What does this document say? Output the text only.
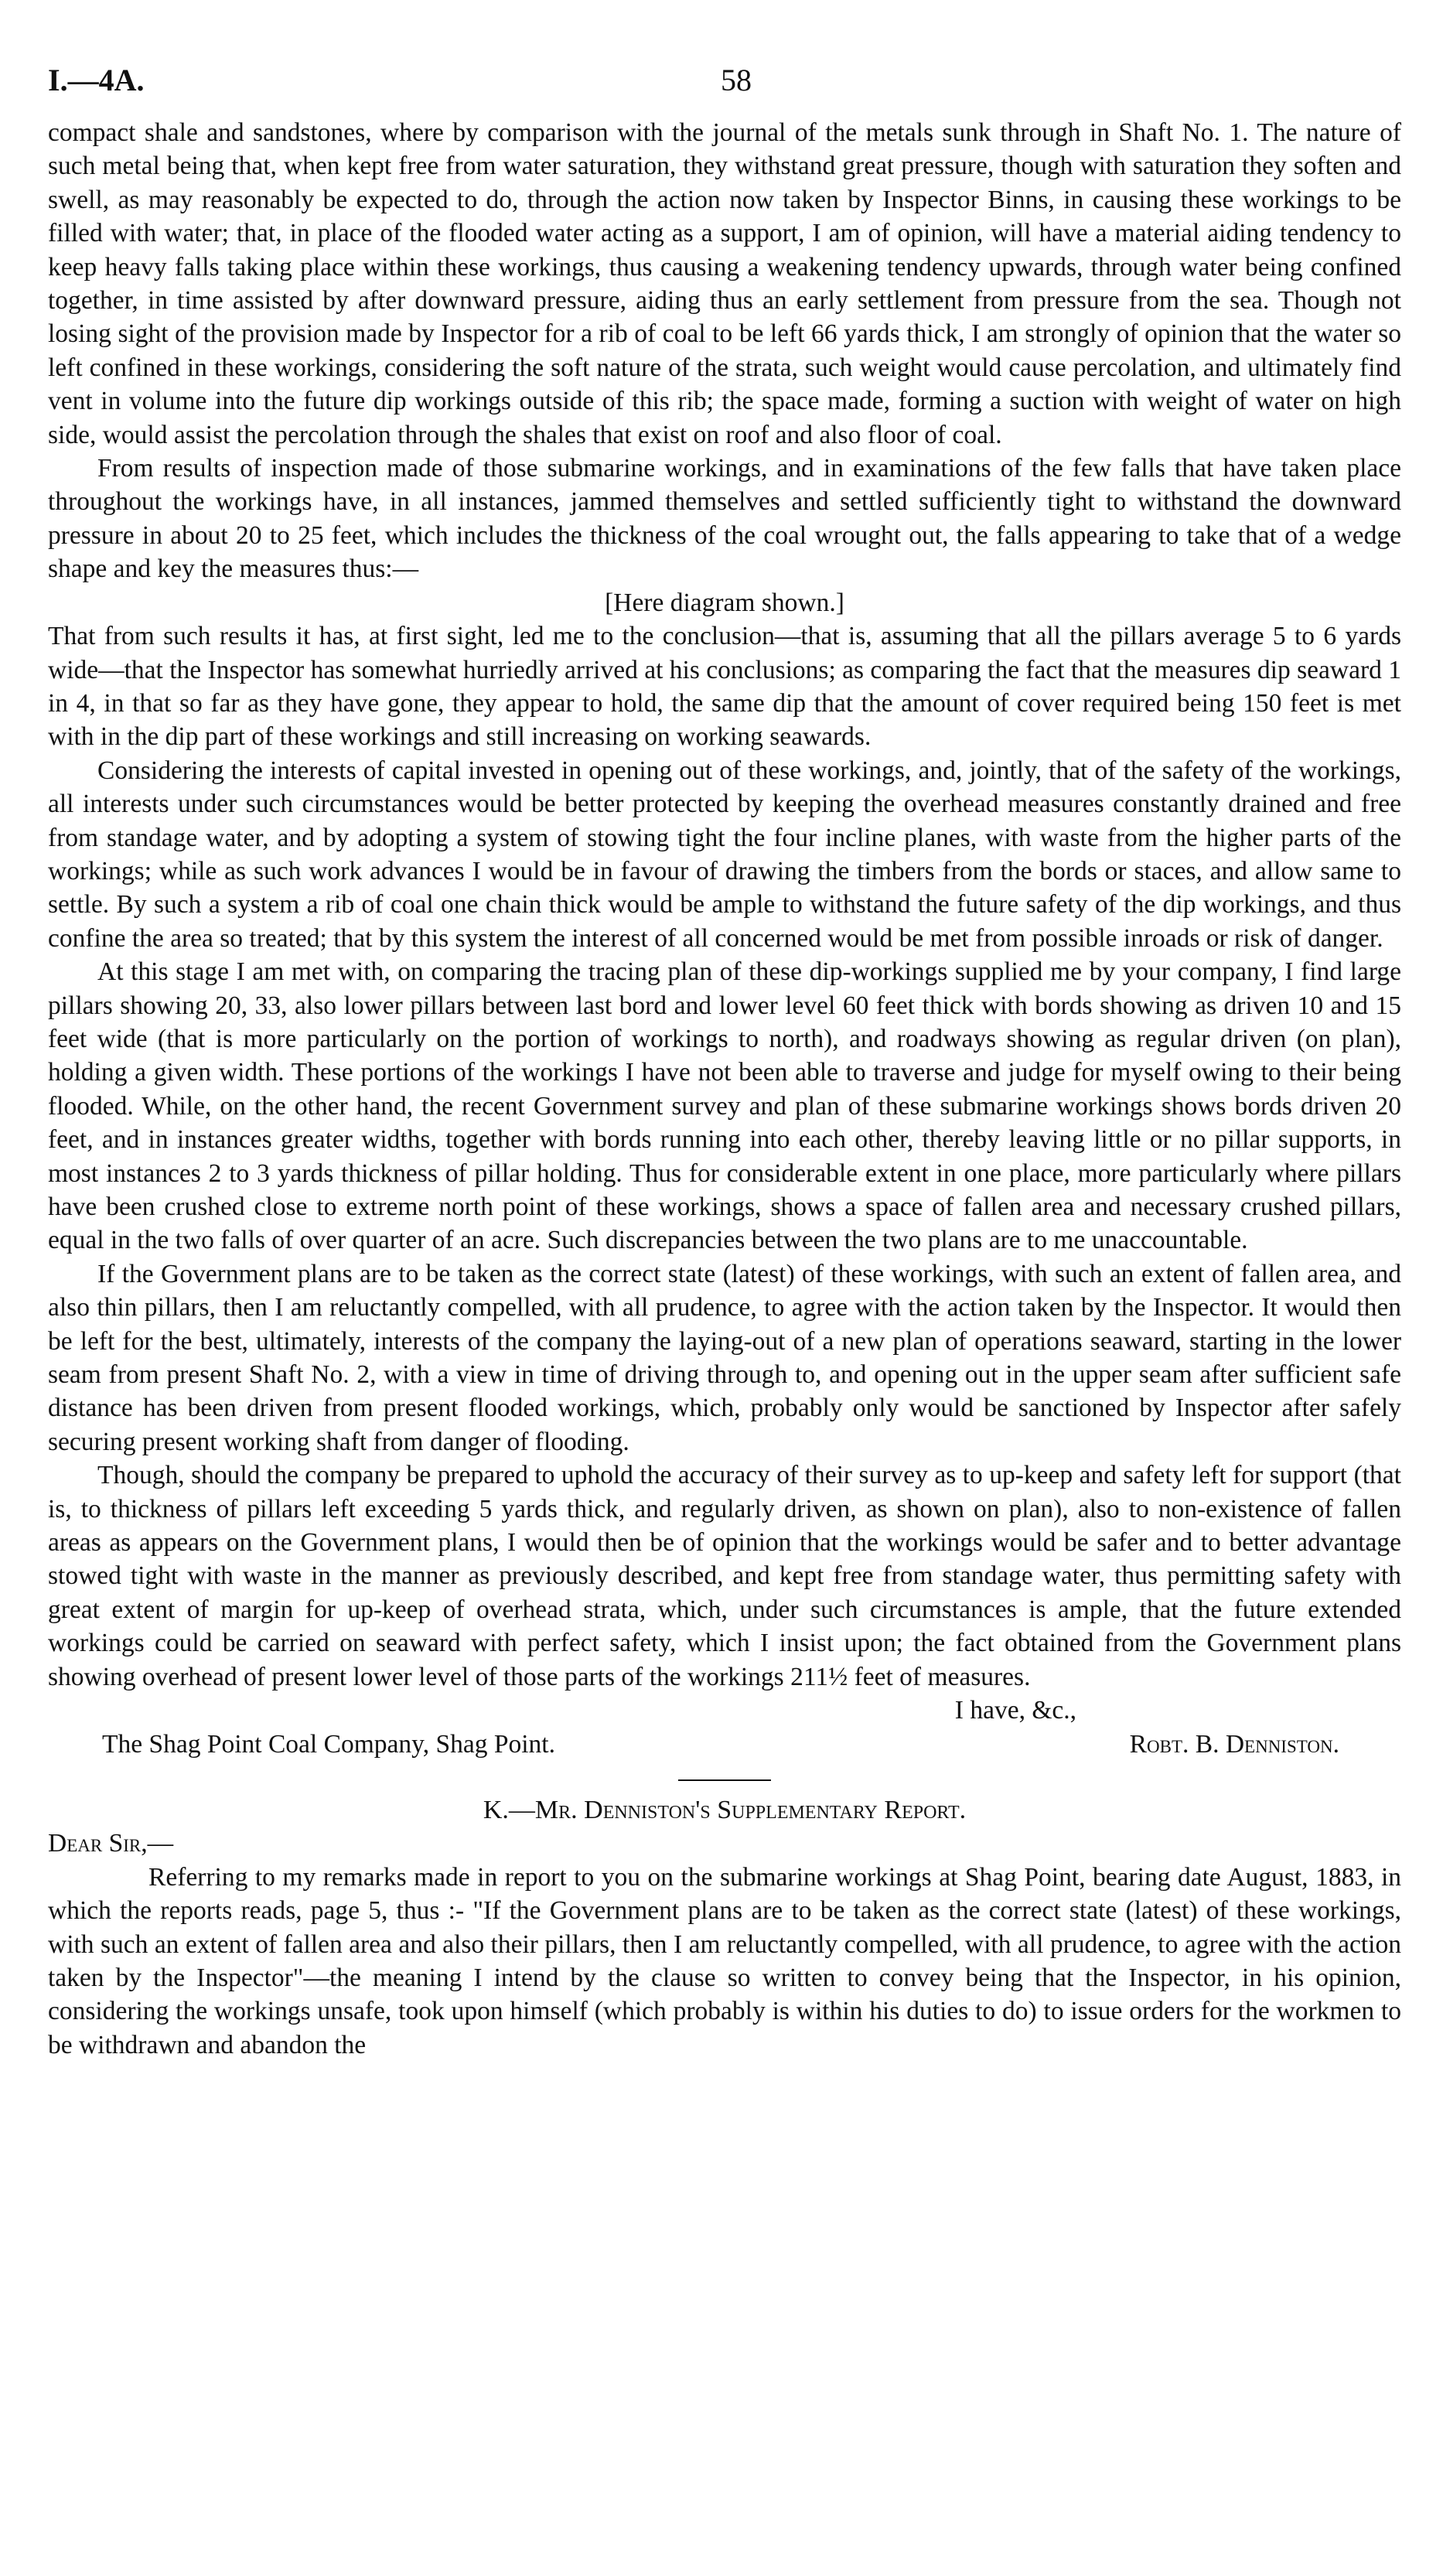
I.—4A.	58

compact shale and sandstones, where by comparison with the journal of the metals sunk through in Shaft No. 1. The nature of such metal being that, when kept free from water saturation, they withstand great pressure, though with saturation they soften and swell, as may reasonably be expected to do, through the action now taken by Inspector Binns, in causing these workings to be filled with water; that, in place of the flooded water acting as a support, I am of opinion, will have a material aiding tendency to keep heavy falls taking place within these workings, thus causing a weakening tendency upwards, through water being confined together, in time assisted by after downward pressure, aiding thus an early settlement from pressure from the sea. Though not losing sight of the provision made by Inspector for a rib of coal to be left 66 yards thick, I am strongly of opinion that the water so left confined in these workings, considering the soft nature of the strata, such weight would cause percolation, and ultimately find vent in volume into the future dip workings outside of this rib; the space made, forming a suction with weight of water on high side, would assist the percolation through the shales that exist on roof and also floor of coal.

From results of inspection made of those submarine workings, and in examinations of the few falls that have taken place throughout the workings have, in all instances, jammed themselves and settled sufficiently tight to withstand the downward pressure in about 20 to 25 feet, which includes the thickness of the coal wrought out, the falls appearing to take that of a wedge shape and key the measures thus:—

[Here diagram shown.]

That from such results it has, at first sight, led me to the conclusion—that is, assuming that all the pillars average 5 to 6 yards wide—that the Inspector has somewhat hurriedly arrived at his conclusions; as comparing the fact that the measures dip seaward 1 in 4, in that so far as they have gone, they appear to hold, the same dip that the amount of cover required being 150 feet is met with in the dip part of these workings and still increasing on working seawards.

Considering the interests of capital invested in opening out of these workings, and, jointly, that of the safety of the workings, all interests under such circumstances would be better protected by keeping the overhead measures constantly drained and free from standage water, and by adopting a system of stowing tight the four incline planes, with waste from the higher parts of the workings; while as such work advances I would be in favour of drawing the timbers from the bords or staces, and allow same to settle. By such a system a rib of coal one chain thick would be ample to withstand the future safety of the dip workings, and thus confine the area so treated; that by this system the interest of all concerned would be met from possible inroads or risk of danger.

At this stage I am met with, on comparing the tracing plan of these dip-workings supplied me by your company, I find large pillars showing 20, 33, also lower pillars between last bord and lower level 60 feet thick with bords showing as driven 10 and 15 feet wide (that is more particularly on the portion of workings to north), and roadways showing as regular driven (on plan), holding a given width. These portions of the workings I have not been able to traverse and judge for myself owing to their being flooded. While, on the other hand, the recent Government survey and plan of these submarine workings shows bords driven 20 feet, and in instances greater widths, together with bords running into each other, thereby leaving little or no pillar supports, in most instances 2 to 3 yards thickness of pillar holding. Thus for considerable extent in one place, more particularly where pillars have been crushed close to extreme north point of these workings, shows a space of fallen area and necessary crushed pillars, equal in the two falls of over quarter of an acre. Such discrepancies between the two plans are to me unaccountable.

If the Government plans are to be taken as the correct state (latest) of these workings, with such an extent of fallen area, and also thin pillars, then I am reluctantly compelled, with all prudence, to agree with the action taken by the Inspector. It would then be left for the best, ultimately, interests of the company the laying-out of a new plan of operations seaward, starting in the lower seam from present Shaft No. 2, with a view in time of driving through to, and opening out in the upper seam after sufficient safe distance has been driven from present flooded workings, which, probably only would be sanctioned by Inspector after safely securing present working shaft from danger of flooding.

Though, should the company be prepared to uphold the accuracy of their survey as to up-keep and safety left for support (that is, to thickness of pillars left exceeding 5 yards thick, and regularly driven, as shown on plan), also to non-existence of fallen areas as appears on the Government plans, I would then be of opinion that the workings would be safer and to better advantage stowed tight with waste in the manner as previously described, and kept free from standage water, thus permitting safety with great extent of margin for up-keep of overhead strata, which, under such circumstances is ample, that the future extended workings could be carried on seaward with perfect safety, which I insist upon; the fact obtained from the Government plans showing overhead of present lower level of those parts of the workings 211½ feet of measures.

I have, &c.,

The Shag Point Coal Company, Shag Point.	Robt. B. Denniston.

K.—Mr. Denniston's Supplementary Report.

Dear Sir,—

Referring to my remarks made in report to you on the submarine workings at Shag Point, bearing date August, 1883, in which the reports reads, page 5, thus :- "If the Government plans are to be taken as the correct state (latest) of these workings, with such an extent of fallen area and also their pillars, then I am reluctantly compelled, with all prudence, to agree with the action taken by the Inspector"—the meaning I intend by the clause so written to convey being that the Inspector, in his opinion, considering the workings unsafe, took upon himself (which probably is within his duties to do) to issue orders for the workmen to be withdrawn and abandon the
